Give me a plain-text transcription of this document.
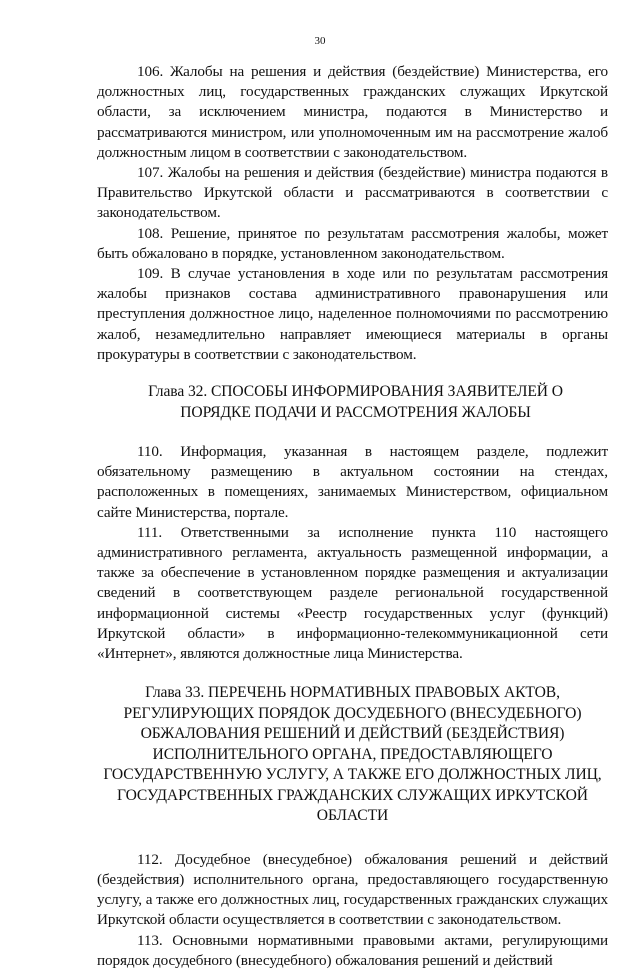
30

106. Жалобы на решения и действия (бездействие) Министерства, его должностных лиц, государственных гражданских служащих Иркутской области, за исключением министра, подаются в Министерство и рассматриваются министром, или уполномоченным им на рассмотрение жалоб должностным лицом в соответствии с законодательством.

107. Жалобы на решения и действия (бездействие) министра подаются в Правительство Иркутской области и рассматриваются в соответствии с законодательством.

108. Решение, принятое по результатам рассмотрения жалобы, может быть обжаловано в порядке, установленном законодательством.

109. В случае установления в ходе или по результатам рассмотрения жалобы признаков состава административного правонарушения или преступления должностное лицо, наделенное полномочиями по рассмотрению жалоб, незамедлительно направляет имеющиеся материалы в органы прокуратуры в соответствии с законодательством.

Глава 32. СПОСОБЫ ИНФОРМИРОВАНИЯ ЗАЯВИТЕЛЕЙ О
ПОРЯДКЕ ПОДАЧИ И РАССМОТРЕНИЯ ЖАЛОБЫ

110. Информация, указанная в настоящем разделе, подлежит обязательному размещению в актуальном состоянии на стендах, расположенных в помещениях, занимаемых Министерством, официальном сайте Министерства, портале.

111. Ответственными за исполнение пункта 110 настоящего административного регламента, актуальность размещенной информации, а также за обеспечение в установленном порядке размещения и актуализации сведений в соответствующем разделе региональной государственной информационной системы «Реестр государственных услуг (функций) Иркутской области» в информационно-телекоммуникационной сети «Интернет», являются должностные лица Министерства.

Глава 33. ПЕРЕЧЕНЬ НОРМАТИВНЫХ ПРАВОВЫХ АКТОВ,
РЕГУЛИРУЮЩИХ ПОРЯДОК ДОСУДЕБНОГО (ВНЕСУДЕБНОГО)
ОБЖАЛОВАНИЯ РЕШЕНИЙ И ДЕЙСТВИЙ (БЕЗДЕЙСТВИЯ)
ИСПОЛНИТЕЛЬНОГО ОРГАНА, ПРЕДОСТАВЛЯЮЩЕГО
ГОСУДАРСТВЕННУЮ УСЛУГУ, А ТАКЖЕ ЕГО ДОЛЖНОСТНЫХ ЛИЦ,
ГОСУДАРСТВЕННЫХ ГРАЖДАНСКИХ СЛУЖАЩИХ ИРКУТСКОЙ
ОБЛАСТИ

112. Досудебное (внесудебное) обжалования решений и действий (бездействия) исполнительного органа, предоставляющего государственную услугу, а также его должностных лиц, государственных гражданских служащих Иркутской области осуществляется в соответствии с законодательством.

113. Основными нормативными правовыми актами, регулирующими порядок досудебного (внесудебного) обжалования решений и действий
